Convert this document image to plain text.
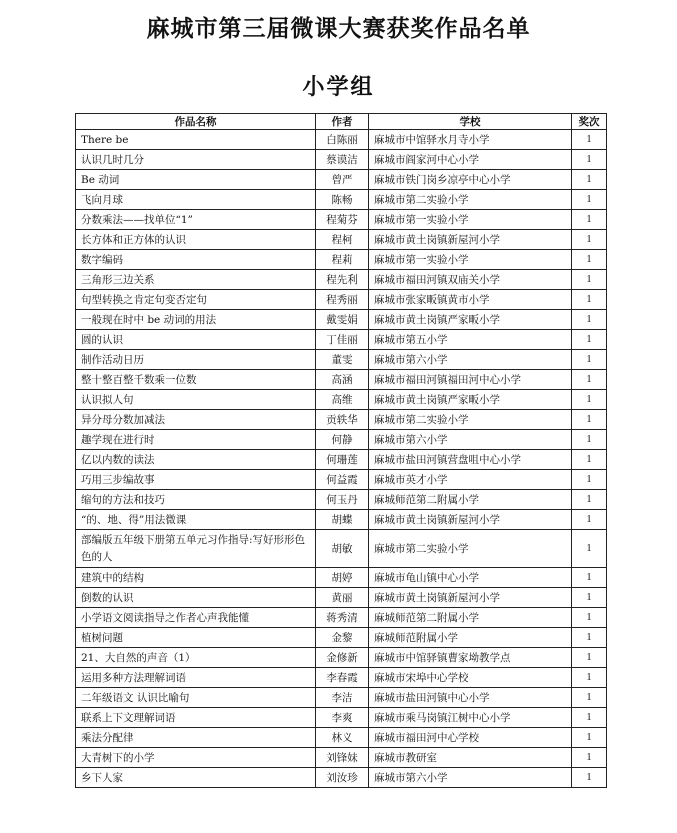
麻城市第三届微课大赛获奖作品名单
小学组
作品名称	作者	学校	奖次
There be	白陈丽	麻城市中馆驿水月寺小学	1
认识几时几分	蔡谟洁	麻城市阎家河中心小学	1
Be 动词	曾严	麻城市铁门岗乡凉亭中心小学	1
飞向月球	陈畅	麻城市第二实验小学	1
分数乘法——找单位“1”	程菊芬	麻城市第一实验小学	1
长方体和正方体的认识	程柯	麻城市黄土岗镇新屋河小学	1
数字编码	程莉	麻城市第一实验小学	1
三角形三边关系	程先利	麻城市福田河镇双庙关小学	1
句型转换之肯定句变否定句	程秀丽	麻城市张家畈镇黄市小学	1
一般现在时中 be 动词的用法	戴雯娟	麻城市黄土岗镇严家畈小学	1
圆的认识	丁佳丽	麻城市第五小学	1
制作活动日历	董雯	麻城市第六小学	1
整十整百整千数乘一位数	高涵	麻城市福田河镇福田河中心小学	1
认识拟人句	高维	麻城市黄土岗镇严家畈小学	1
异分母分数加减法	贡轶华	麻城市第二实验小学	1
趣学现在进行时	何静	麻城市第六小学	1
亿以内数的读法	何珊莲	麻城市盐田河镇营盘咀中心小学	1
巧用三步编故事	何益霞	麻城市英才小学	1
缩句的方法和技巧	何玉丹	麻城师范第二附属小学	1
“的、地、得”用法微课	胡蝶	麻城市黄土岗镇新屋河小学	1
部编版五年级下册第五单元习作指导:写好形形色色的人	胡敏	麻城市第二实验小学	1
建筑中的结构	胡婷	麻城市龟山镇中心小学	1
倒数的认识	黄丽	麻城市黄土岗镇新屋河小学	1
小学语文阅读指导之作者心声我能懂	蒋秀清	麻城师范第二附属小学	1
植树问题	金黎	麻城师范附属小学	1
21、大自然的声音（1）	金修新	麻城市中馆驿镇曹家坳教学点	1
运用多种方法理解词语	李春霞	麻城市宋埠中心学校	1
二年级语文 认识比喻句	李洁	麻城市盐田河镇中心小学	1
联系上下文理解词语	李爽	麻城市乘马岗镇江树中心小学	1
乘法分配律	林义	麻城市福田河中心学校	1
大青树下的小学	刘锋妹	麻城市教研室	1
乡下人家	刘汝珍	麻城市第六小学	1
